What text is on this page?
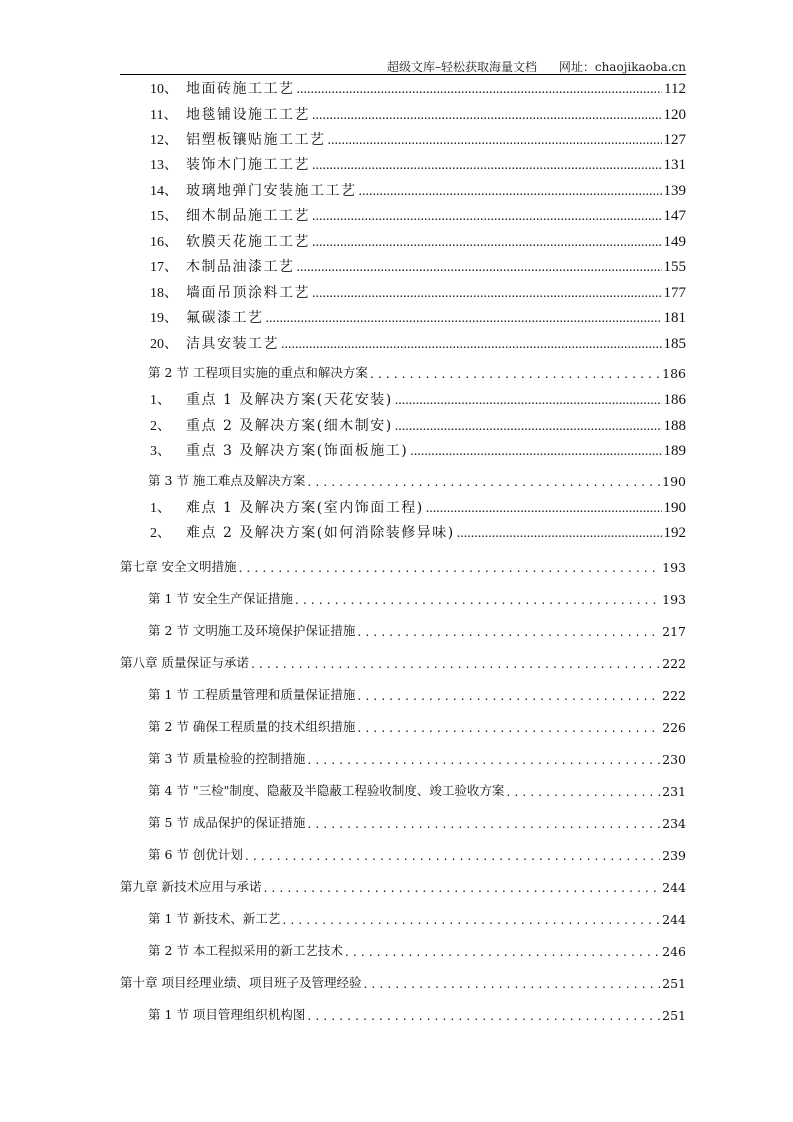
超级文库–轻松获取海量文档 网址：chaojikaoba.cn
10、 地面砖施工工艺 .....	112
11、 地毯铺设施工工艺 .....	120
12、 铝塑板镶贴施工工艺 .....	127
13、 装饰木门施工工艺 .....	131
14、 玻璃地弹门安装施工工艺 .....	139
15、 细木制品施工工艺 .....	147
16、 软膜天花施工工艺 .....	149
17、 木制品油漆工艺 .....	155
18、 墙面吊顶涂料工艺 .....	177
19、 氟碳漆工艺 .....	181
20、 洁具安装工艺 .....	185
第 2 节 工程项目实施的重点和解决方案 . . .	186
1、 重点 1 及解决方案(天花安装) .....	186
2、 重点 2 及解决方案(细木制安) .....	188
3、 重点 3 及解决方案(饰面板施工) .....	189
第 3 节 施工难点及解决方案 . . .	190
1、 难点 1 及解决方案(室内饰面工程) .....	190
2、 难点 2 及解决方案(如何消除装修异味) .....	192
第七章 安全文明措施 . . .	193
第 1 节 安全生产保证措施 . . .	193
第 2 节 文明施工及环境保护保证措施 . . .	217
第八章 质量保证与承诺 . . .	222
第 1 节 工程质量管理和质量保证措施 . . .	222
第 2 节 确保工程质量的技术组织措施 . . .	226
第 3 节 质量检验的控制措施 . . .	230
第 4 节 "三检"制度、隐蔽及半隐蔽工程验收制度、竣工验收方案 . . .	231
第 5 节 成品保护的保证措施 . . .	234
第 6 节 创优计划 . . .	239
第九章 新技术应用与承诺 . . .	244
第 1 节 新技术、新工艺 . . .	244
第 2 节 本工程拟采用的新工艺技术 . . .	246
第十章 项目经理业绩、项目班子及管理经验 . . .	251
第 1 节 项目管理组织机构图 . . .	251
